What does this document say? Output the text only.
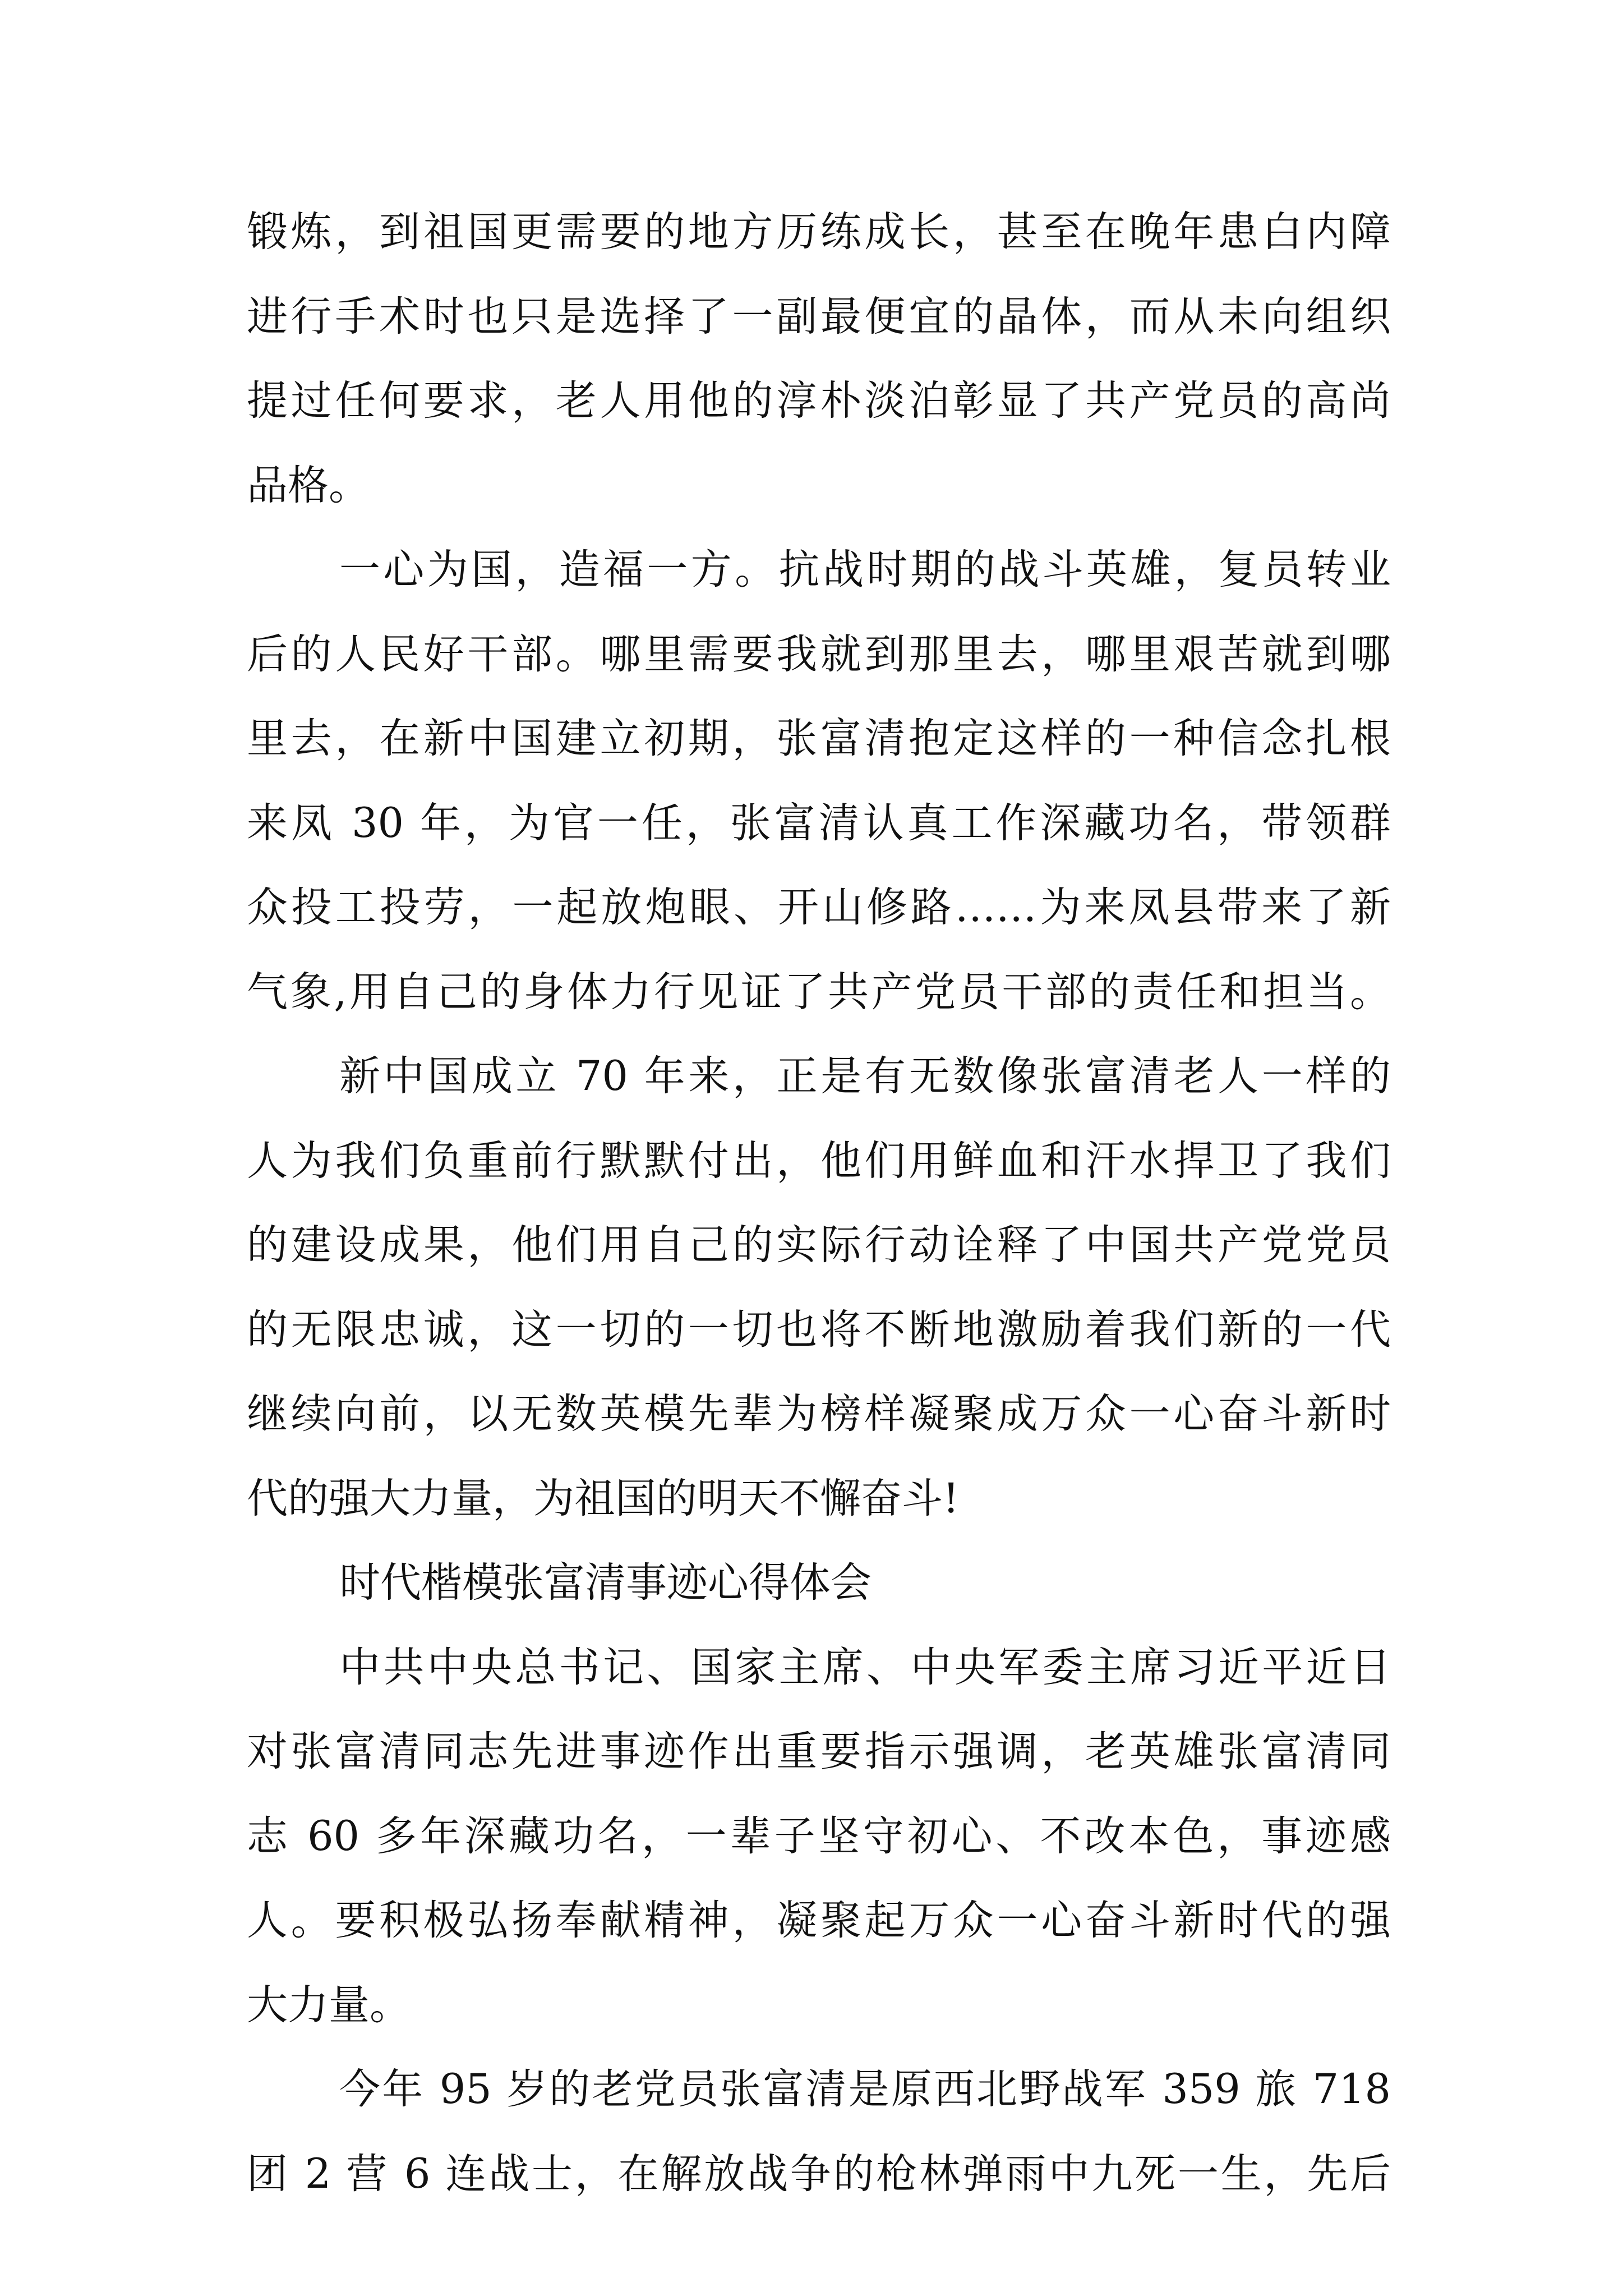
锻炼，到祖国更需要的地方历练成长，甚至在晚年患白内障

进行手术时也只是选择了一副最便宜的晶体，而从未向组织

提过任何要求，老人用他的淳朴淡泊彰显了共产党员的高尚

品格。

一心为国，造福一方。抗战时期的战斗英雄，复员转业

后的人民好干部。哪里需要我就到那里去，哪里艰苦就到哪

里去，在新中国建立初期，张富清抱定这样的一种信念扎根

来凤 30 年，为官一任，张富清认真工作深藏功名，带领群

众投工投劳，一起放炮眼、开山修路……为来凤县带来了新

气象,用自己的身体力行见证了共产党员干部的责任和担当。

新中国成立 70 年来，正是有无数像张富清老人一样的

人为我们负重前行默默付出，他们用鲜血和汗水捍卫了我们

的建设成果，他们用自己的实际行动诠释了中国共产党党员

的无限忠诚，这一切的一切也将不断地激励着我们新的一代

继续向前，以无数英模先辈为榜样凝聚成万众一心奋斗新时

代的强大力量，为祖国的明天不懈奋斗!

时代楷模张富清事迹心得体会

中共中央总书记、国家主席、中央军委主席习近平近日

对张富清同志先进事迹作出重要指示强调，老英雄张富清同

志 60 多年深藏功名，一辈子坚守初心、不改本色，事迹感

人。要积极弘扬奉献精神，凝聚起万众一心奋斗新时代的强

大力量。

今年 95 岁的老党员张富清是原西北野战军 359 旅 718

团 2 营 6 连战士，在解放战争的枪林弹雨中九死一生，先后
